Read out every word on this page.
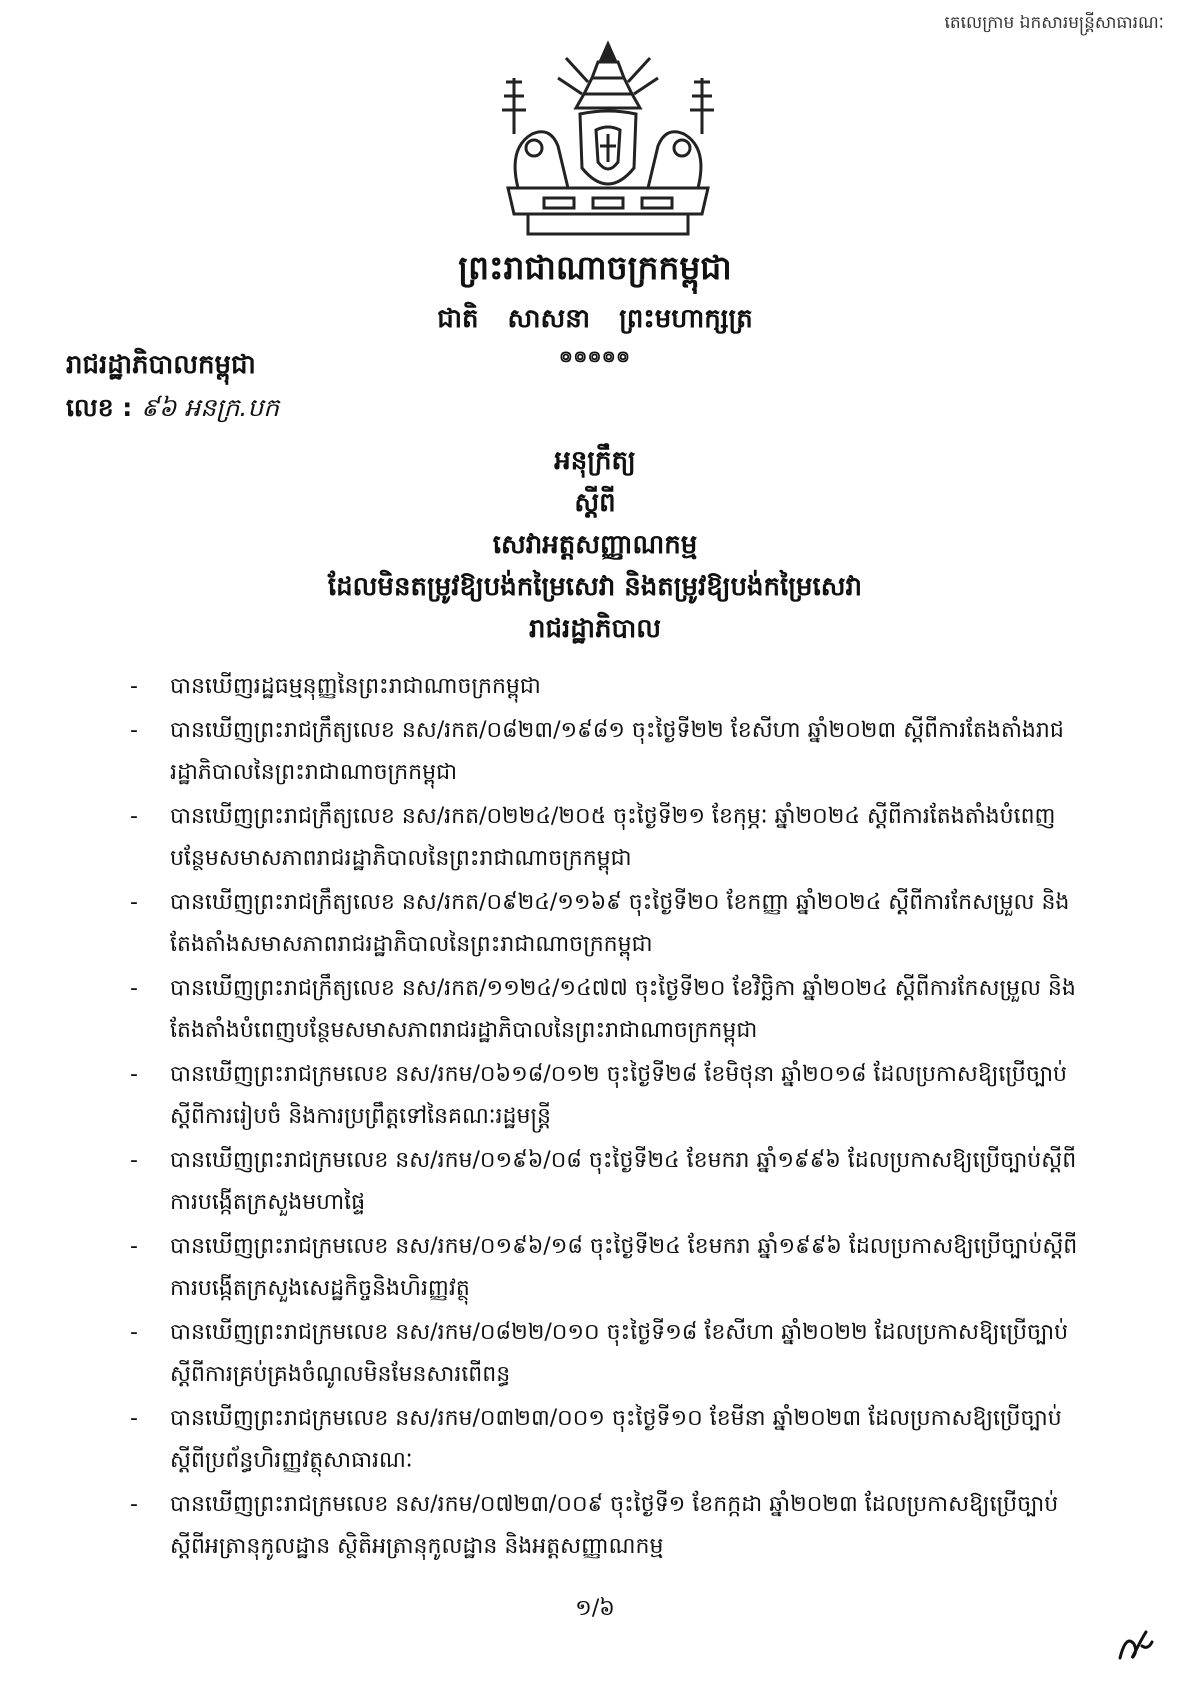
តេលេក្រាម ឯកសារមន្ត្រីសាធារណៈ
ព្រះរាជាណាចក្រកម្ពុជា
ជាតិ សាសនា ព្រះមហាក្សត្រ
៙៙៙៙៙
រាជរដ្ឋាភិបាលកម្ពុជា
លេខ : ៩៦ អនក្រ.បក
អនុក្រឹត្យ
ស្តីពី
សេវាអត្តសញ្ញាណកម្ម
ដែលមិនតម្រូវឱ្យបង់កម្រៃសេវា និងតម្រូវឱ្យបង់កម្រៃសេវា
រាជរដ្ឋាភិបាល
- បានឃើញរដ្ឋធម្មនុញ្ញនៃព្រះរាជាណាចក្រកម្ពុជា
- បានឃើញព្រះរាជក្រឹត្យលេខ នស/រកត/០៨២៣/១៩៨១ ចុះថ្ងៃទី២២ ខែសីហា ឆ្នាំ២០២៣ ស្តីពីការតែងតាំងរាជរដ្ឋាភិបាលនៃព្រះរាជាណាចក្រកម្ពុជា
- បានឃើញព្រះរាជក្រឹត្យលេខ នស/រកត/០២២៤/២០៥ ចុះថ្ងៃទី២១ ខែកុម្ភៈ ឆ្នាំ២០២៤ ស្តីពីការតែងតាំងបំពេញបន្ថែមសមាសភាពរាជរដ្ឋាភិបាលនៃព្រះរាជាណាចក្រកម្ពុជា
- បានឃើញព្រះរាជក្រឹត្យលេខ នស/រកត/០៩២៤/១១៦៩ ចុះថ្ងៃទី២០ ខែកញ្ញា ឆ្នាំ២០២៤ ស្តីពីការកែសម្រួល និងតែងតាំងសមាសភាពរាជរដ្ឋាភិបាលនៃព្រះរាជាណាចក្រកម្ពុជា
- បានឃើញព្រះរាជក្រឹត្យលេខ នស/រកត/១១២៤/១៤៧៧ ចុះថ្ងៃទី២០ ខែវិច្ឆិកា ឆ្នាំ២០២៤ ស្តីពីការកែសម្រួល និងតែងតាំងបំពេញបន្ថែមសមាសភាពរាជរដ្ឋាភិបាលនៃព្រះរាជាណាចក្រកម្ពុជា
- បានឃើញព្រះរាជក្រមលេខ នស/រកម/០៦១៨/០១២ ចុះថ្ងៃទី២៨ ខែមិថុនា ឆ្នាំ២០១៨ ដែលប្រកាសឱ្យប្រើច្បាប់ស្តីពីការរៀបចំ និងការប្រព្រឹត្តទៅនៃគណៈរដ្ឋមន្ត្រី
- បានឃើញព្រះរាជក្រមលេខ នស/រកម/០១៩៦/០៨ ចុះថ្ងៃទី២៤ ខែមករា ឆ្នាំ១៩៩៦ ដែលប្រកាសឱ្យប្រើច្បាប់ស្តីពីការបង្កើតក្រសួងមហាផ្ទៃ
- បានឃើញព្រះរាជក្រមលេខ នស/រកម/០១៩៦/១៨ ចុះថ្ងៃទី២៤ ខែមករា ឆ្នាំ១៩៩៦ ដែលប្រកាសឱ្យប្រើច្បាប់ស្តីពីការបង្កើតក្រសួងសេដ្ឋកិច្ចនិងហិរញ្ញវត្ថុ
- បានឃើញព្រះរាជក្រមលេខ នស/រកម/០៨២២/០១០ ចុះថ្ងៃទី១៨ ខែសីហា ឆ្នាំ២០២២ ដែលប្រកាសឱ្យប្រើច្បាប់ស្តីពីការគ្រប់គ្រងចំណូលមិនមែនសារពើពន្ធ
- បានឃើញព្រះរាជក្រមលេខ នស/រកម/០៣២៣/០០១ ចុះថ្ងៃទី១០ ខែមីនា ឆ្នាំ២០២៣ ដែលប្រកាសឱ្យប្រើច្បាប់ស្តីពីប្រព័ន្ធហិរញ្ញវត្ថុសាធារណៈ
- បានឃើញព្រះរាជក្រមលេខ នស/រកម/០៧២៣/០០៩ ចុះថ្ងៃទី១ ខែកក្កដា ឆ្នាំ២០២៣ ដែលប្រកាសឱ្យប្រើច្បាប់ស្តីពីអត្រានុកូលដ្ឋាន ស្ថិតិអត្រានុកូលដ្ឋាន និងអត្តសញ្ញាណកម្ម
១/៦
